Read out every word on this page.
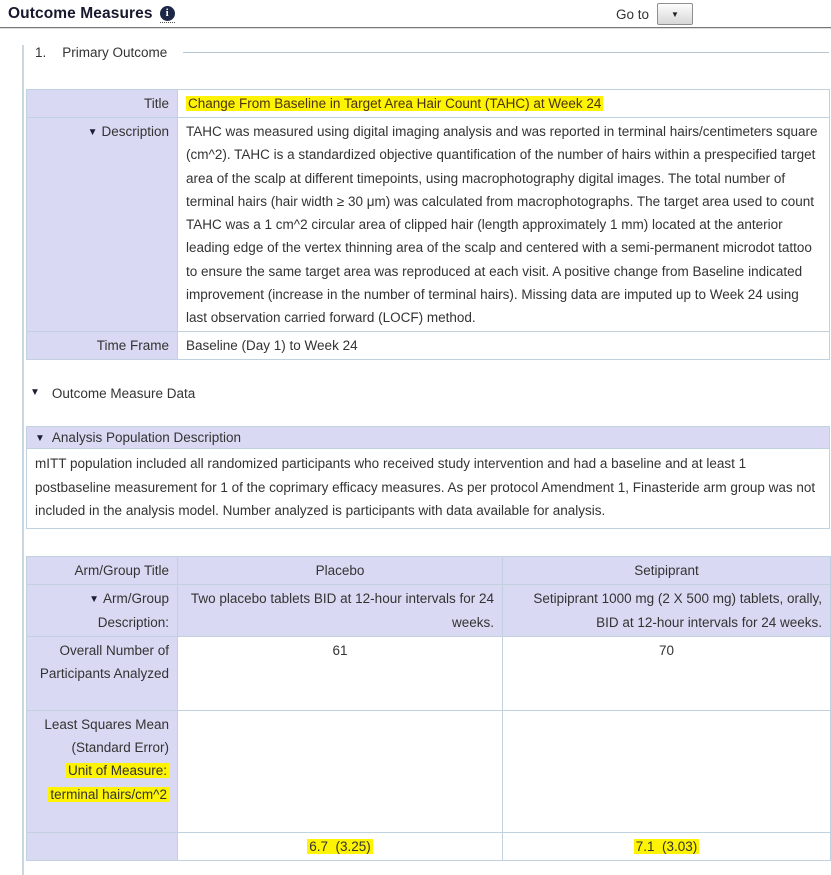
Outcome Measures	i	Go to	▼
1. Primary Outcome
Title	Change From Baseline in Target Area Hair Count (TAHC) at Week 24
▼ Description	TAHC was measured using digital imaging analysis and was reported in terminal hairs/centimeters square (cm^2). TAHC is a standardized objective quantification of the number of hairs within a prespecified target area of the scalp at different timepoints, using macrophotography digital images. The total number of terminal hairs (hair width ≥ 30 μm) was calculated from macrophotographs. The target area used to count TAHC was a 1 cm^2 circular area of clipped hair (length approximately 1 mm) located at the anterior leading edge of the vertex thinning area of the scalp and centered with a semi-permanent microdot tattoo to ensure the same target area was reproduced at each visit. A positive change from Baseline indicated improvement (increase in the number of terminal hairs). Missing data are imputed up to Week 24 using last observation carried forward (LOCF) method.
Time Frame	Baseline (Day 1) to Week 24
▼ Outcome Measure Data
▼ Analysis Population Description
mITT population included all randomized participants who received study intervention and had a baseline and at least 1 postbaseline measurement for 1 of the coprimary efficacy measures. As per protocol Amendment 1, Finasteride arm group was not included in the analysis model. Number analyzed is participants with data available for analysis.
Arm/Group Title	Placebo	Setipiprant
▼ Arm/Group Description:	Two placebo tablets BID at 12-hour intervals for 24 weeks.	Setipiprant 1000 mg (2 X 500 mg) tablets, orally, BID at 12-hour intervals for 24 weeks.
Overall Number of Participants Analyzed	61	70

Least Squares Mean (Standard Error)
Unit of Measure:
terminal hairs/cm^2		

	6.7  (3.25)	7.1  (3.03)
